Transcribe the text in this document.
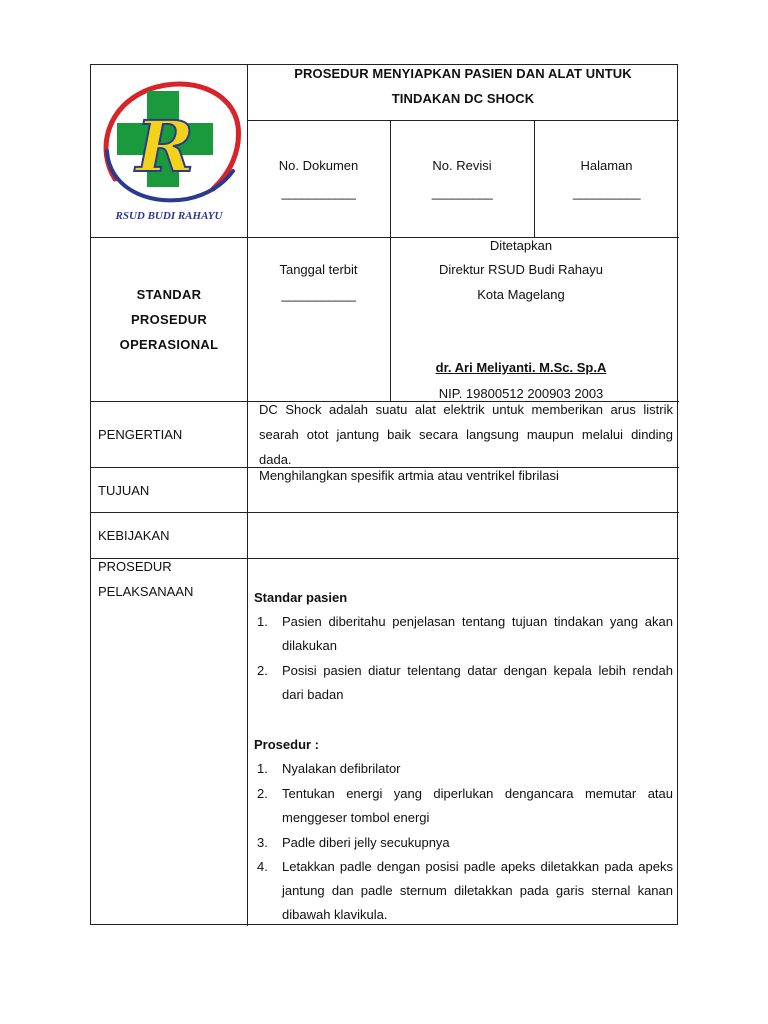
R
RSUD BUDI RAHAYU
PROSEDUR MENYIAPKAN PASIEN DAN ALAT UNTUK
TINDAKAN DC SHOCK
No. Dokumen
___________
No. Revisi
_________
Halaman
__________
STANDAR
PROSEDUR
OPERASIONAL
Tanggal terbit
___________
Ditetapkan
Direktur RSUD Budi Rahayu
Kota Magelang
dr. Ari Meliyanti. M.Sc. Sp.A
NIP. 19800512 200903 2003
PENGERTIAN
DC Shock adalah suatu alat elektrik untuk memberikan arus listrik searah otot jantung baik secara langsung maupun melalui dinding dada.
TUJUAN
Menghilangkan spesifik artmia atau ventrikel fibrilasi
KEBIJAKAN
PROSEDUR
PELAKSANAAN	Standar pasien
1. Pasien diberitahu penjelasan tentang tujuan tindakan yang akan dilakukan
2. Posisi pasien diatur telentang datar dengan kepala lebih rendah dari badan
Prosedur :
1. Nyalakan defibrilator
2. Tentukan energi yang diperlukan dengancara memutar atau menggeser tombol energi
3. Padle diberi jelly secukupnya
4. Letakkan padle dengan posisi padle apeks diletakkan pada apeks jantung dan padle sternum diletakkan pada garis sternal kanan dibawah klavikula.
